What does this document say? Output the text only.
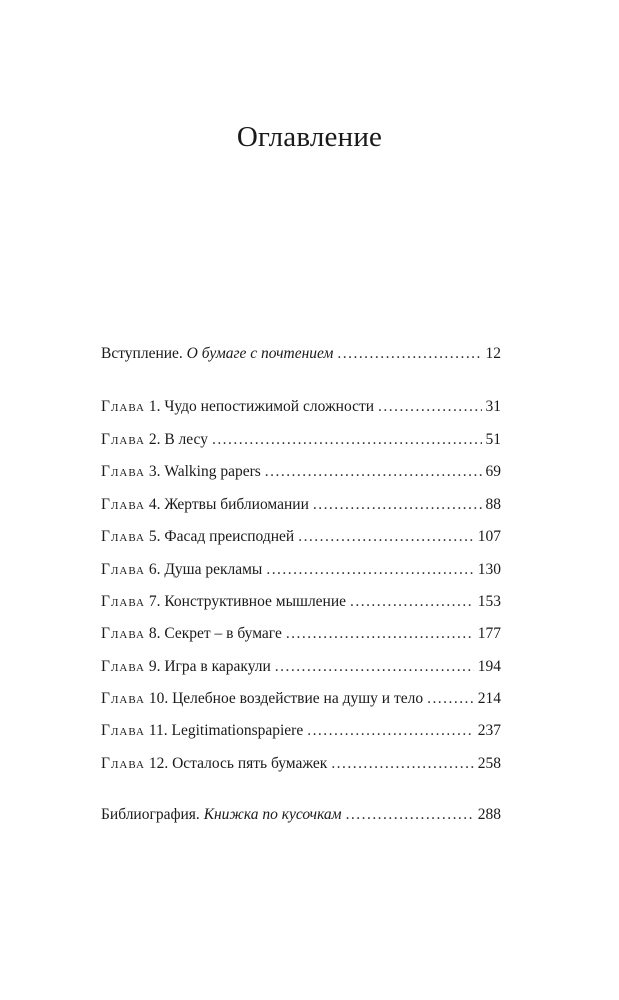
Оглавление
Вступление. О бумаге с почтением . . .	12
Глава 1. Чудо непостижимой сложности . . .	31
Глава 2. В лесу . . .	51
Глава 3. Walking papers . . .	69
Глава 4. Жертвы библиомании . . .	88
Глава 5. Фасад преисподней . . .	107
Глава 6. Душа рекламы . . .	130
Глава 7. Конструктивное мышление . . .	153
Глава 8. Секрет – в бумаге . . .	177
Глава 9. Игра в каракули . . .	194
Глава 10. Целебное воздействие на душу и тело . . .	214
Глава 11. Legitimationspapiere . . .	237
Глава 12. Осталось пять бумажек . . .	258
Библиография. Книжка по кусочкам . . .	288
